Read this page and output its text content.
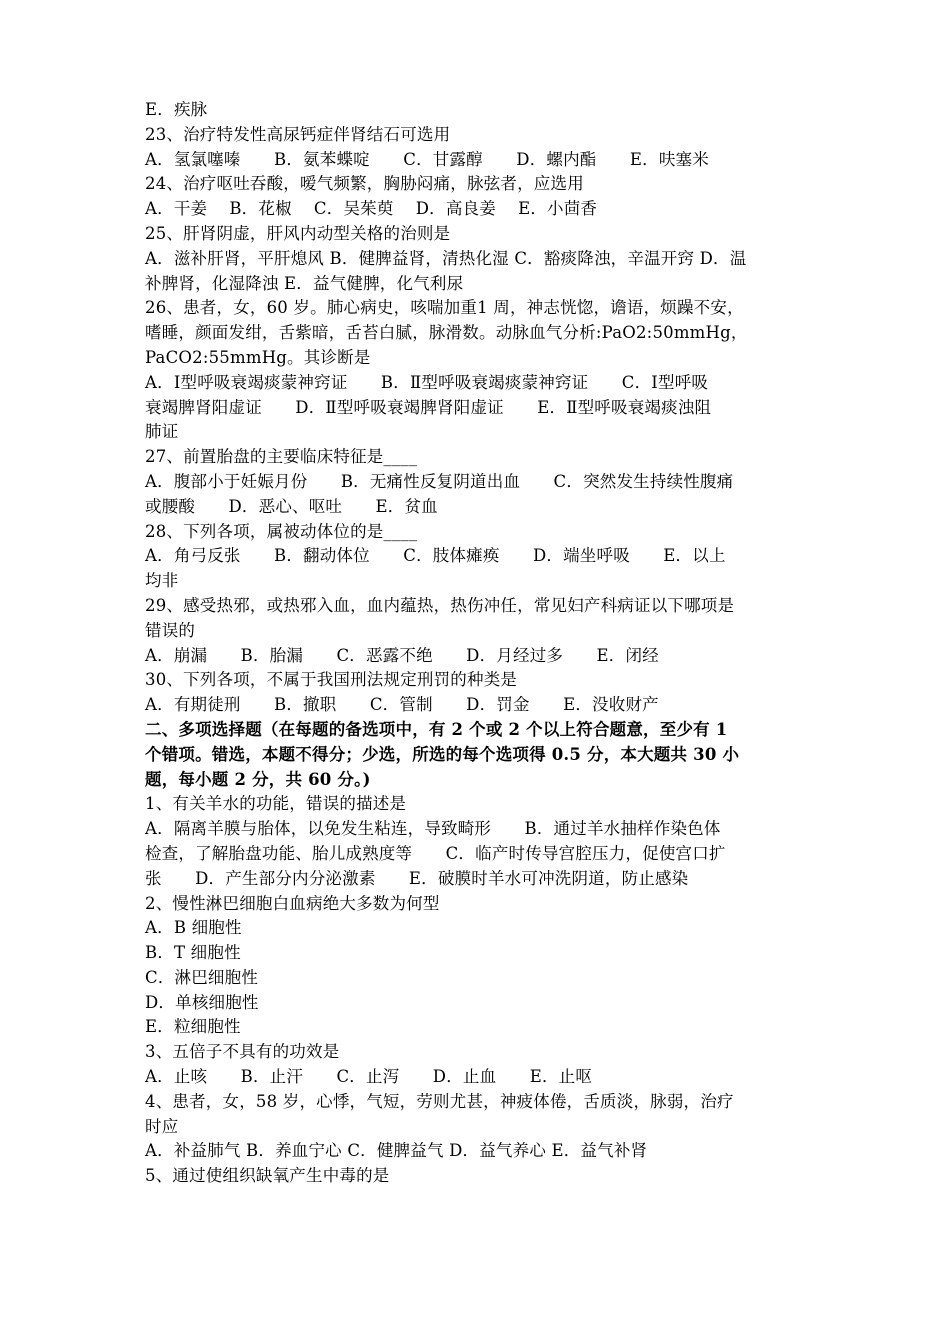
E．疾脉
23、治疗特发性高尿钙症伴肾结石可选用
A．氢氯噻嗪　　B．氨苯蝶啶　　C．甘露醇　　D．螺内酯　　E．呋塞米
24、治疗呕吐吞酸，嗳气频繁，胸胁闷痛，脉弦者，应选用
A．干姜　 B．花椒　 C．吴茱萸　 D．高良姜　 E．小茴香
25、肝肾阴虚，肝风内动型关格的治则是
A．滋补肝肾，平肝熄风 B．健脾益肾，清热化湿 C．豁痰降浊，辛温开窍 D．温
补脾肾，化湿降浊 E．益气健脾，化气利尿
26、患者，女，60 岁。肺心病史，咳喘加重1 周，神志恍惚，谵语，烦躁不安，
嗜睡，颜面发绀，舌紫暗，舌苔白腻，脉滑数。动脉血气分析:PaO2:50mmHg，
PaCO2:55mmHg。其诊断是
A．Ⅰ型呼吸衰竭痰蒙神窍证　　B．Ⅱ型呼吸衰竭痰蒙神窍证　　C．Ⅰ型呼吸
衰竭脾肾阳虚证　　D．Ⅱ型呼吸衰竭脾肾阳虚证　　E．Ⅱ型呼吸衰竭痰浊阻
肺证
27、前置胎盘的主要临床特征是____
A．腹部小于妊娠月份　　B．无痛性反复阴道出血　　C．突然发生持续性腹痛
或腰酸　　D．恶心、呕吐　　E．贫血
28、下列各项，属被动体位的是____
A．角弓反张　　B．翻动体位　　C．肢体瘫痪　　D．端坐呼吸　　E．以上
均非
29、感受热邪，或热邪入血，血内蕴热，热伤冲任，常见妇产科病证以下哪项是
错误的
A．崩漏　　B．胎漏　　C．恶露不绝　　D．月经过多　　E．闭经
30、下列各项，不属于我国刑法规定刑罚的种类是
A．有期徒刑　　B．撤职　　C．管制　　D．罚金　　E．没收财产
二、多项选择题（在每题的备选项中，有 2 个或 2 个以上符合题意，至少有 1
个错项。错选，本题不得分；少选，所选的每个选项得 0.5 分，本大题共 30 小
题，每小题 2 分，共 60 分。)
1、有关羊水的功能，错误的描述是
A．隔离羊膜与胎体，以免发生粘连，导致畸形　　B．通过羊水抽样作染色体
检查，了解胎盘功能、胎儿成熟度等　　C．临产时传导宫腔压力，促使宫口扩
张　　D．产生部分内分泌激素　　E．破膜时羊水可冲洗阴道，防止感染
2、慢性淋巴细胞白血病绝大多数为何型
A．B 细胞性
B．T 细胞性
C．淋巴细胞性
D．单核细胞性
E．粒细胞性
3、五倍子不具有的功效是
A．止咳　　B．止汗　　C．止泻　　D．止血　　E．止呕
4、患者，女，58 岁，心悸，气短，劳则尤甚，神疲体倦，舌质淡，脉弱，治疗
时应
A．补益肺气 B．养血宁心 C．健脾益气 D．益气养心 E．益气补肾
5、通过使组织缺氧产生中毒的是
